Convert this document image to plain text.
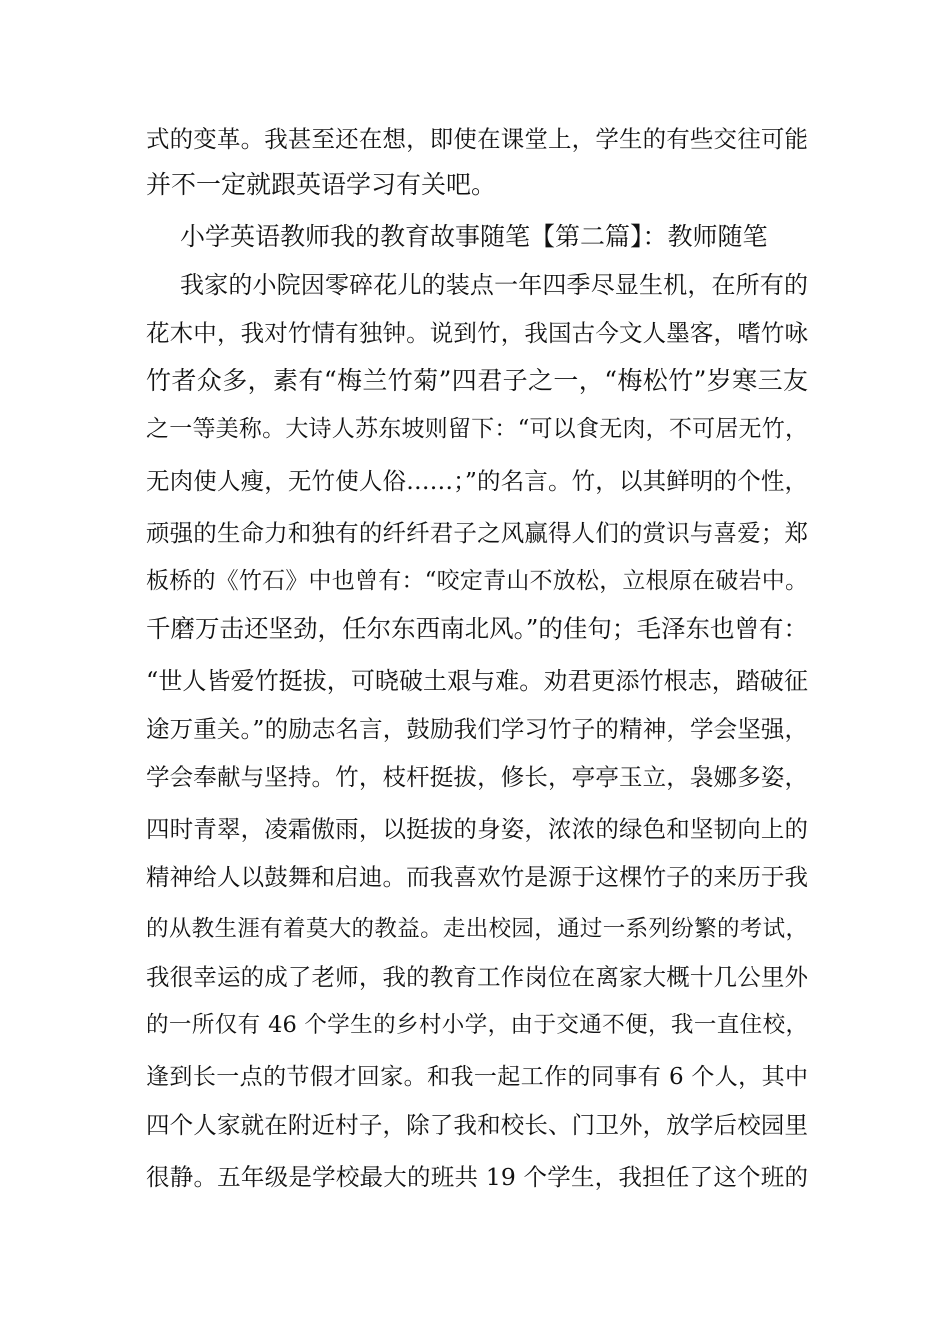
式的变革。我甚至还在想，即使在课堂上，学生的有些交往可能
并不一定就跟英语学习有关吧。
小学英语教师我的教育故事随笔【第二篇】：教师随笔
我家的小院因零碎花儿的装点一年四季尽显生机，在所有的
花木中，我对竹情有独钟。说到竹，我国古今文人墨客，嗜竹咏
竹者众多，素有“梅兰竹菊”四君子之一，“梅松竹”岁寒三友
之一等美称。大诗人苏东坡则留下：“可以食无肉，不可居无竹，
无肉使人瘦，无竹使人俗……；”的名言。竹，以其鲜明的个性，
顽强的生命力和独有的纤纤君子之风赢得人们的赏识与喜爱；郑
板桥的《竹石》中也曾有：“咬定青山不放松，立根原在破岩中。
千磨万击还坚劲，任尔东西南北风。”的佳句；毛泽东也曾有：
“世人皆爱竹挺拔，可晓破土艰与难。劝君更添竹根志，踏破征
途万重关。”的励志名言，鼓励我们学习竹子的精神，学会坚强，
学会奉献与坚持。竹，枝杆挺拔，修长，亭亭玉立，袅娜多姿，
四时青翠，凌霜傲雨，以挺拔的身姿，浓浓的绿色和坚韧向上的
精神给人以鼓舞和启迪。而我喜欢竹是源于这棵竹子的来历于我
的从教生涯有着莫大的教益。走出校园，通过一系列纷繁的考试，
我很幸运的成了老师，我的教育工作岗位在离家大概十几公里外
的一所仅有 46 个学生的乡村小学，由于交通不便，我一直住校，
逢到长一点的节假才回家。和我一起工作的同事有 6 个人，其中
四个人家就在附近村子，除了我和校长、门卫外，放学后校园里
很静。五年级是学校最大的班共 19 个学生，我担任了这个班的
